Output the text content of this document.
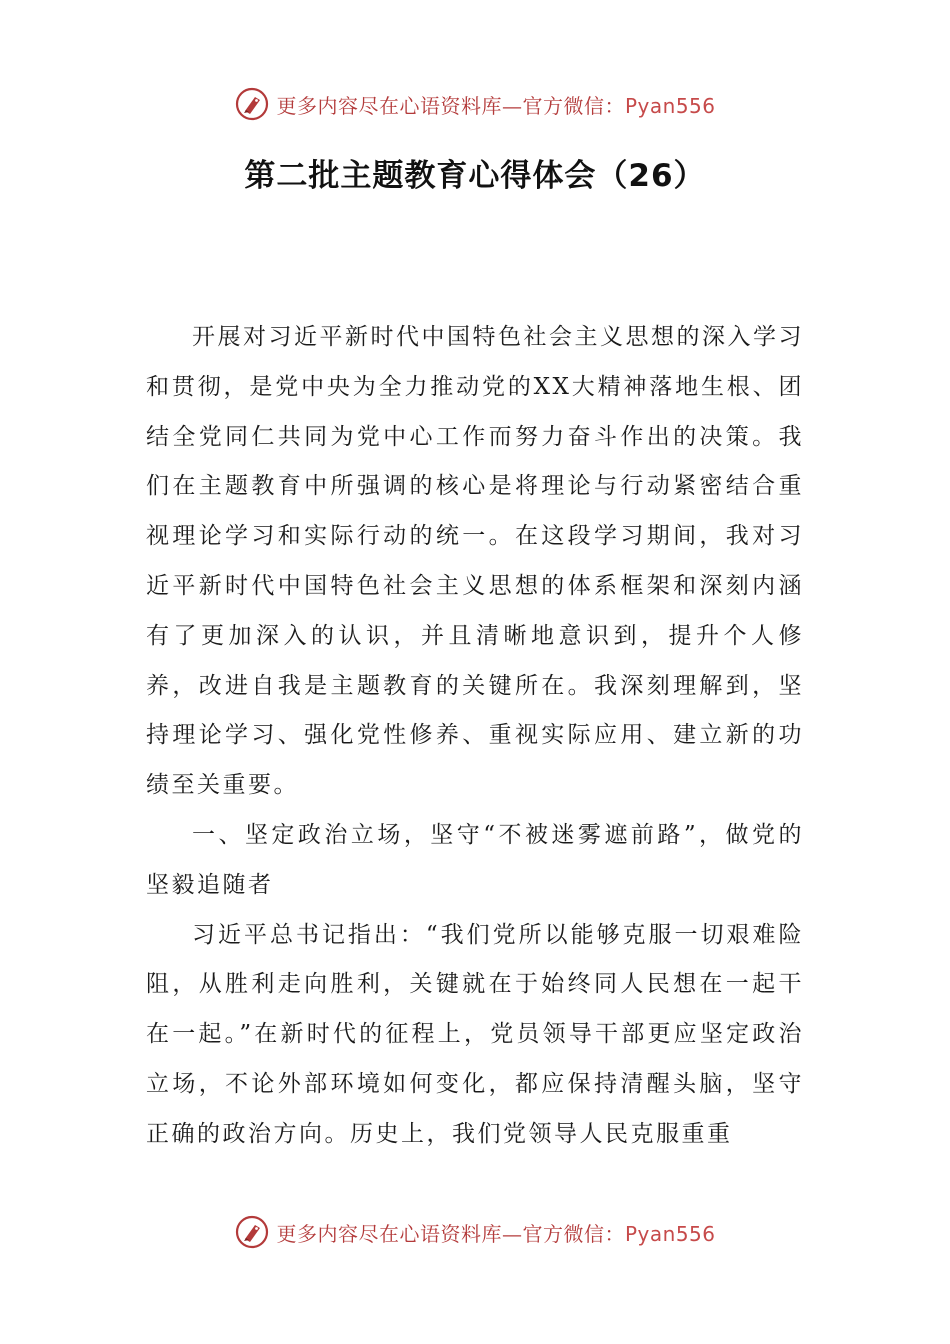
更多内容尽在心语资料库—官方微信：Pyan556
第二批主题教育心得体会（26）

开展对习近平新时代中国特色社会主义思想的深入学习和贯彻，是党中央为全力推动党的XX大精神落地生根、团结全党同仁共同为党中心工作而努力奋斗作出的决策。我们在主题教育中所强调的核心是将理论与行动紧密结合重视理论学习和实际行动的统一。在这段学习期间，我对习近平新时代中国特色社会主义思想的体系框架和深刻内涵有了更加深入的认识，并且清晰地意识到，提升个人修养，改进自我是主题教育的关键所在。我深刻理解到，坚持理论学习、强化党性修养、重视实际应用、建立新的功绩至关重要。

一、坚定政治立场，坚守“不被迷雾遮前路”，做党的坚毅追随者

习近平总书记指出：“我们党所以能够克服一切艰难险阻，从胜利走向胜利，关键就在于始终同人民想在一起干在一起。”在新时代的征程上，党员领导干部更应坚定政治立场，不论外部环境如何变化，都应保持清醒头脑，坚守正确的政治方向。历史上，我们党领导人民克服重重

更多内容尽在心语资料库—官方微信：Pyan556
